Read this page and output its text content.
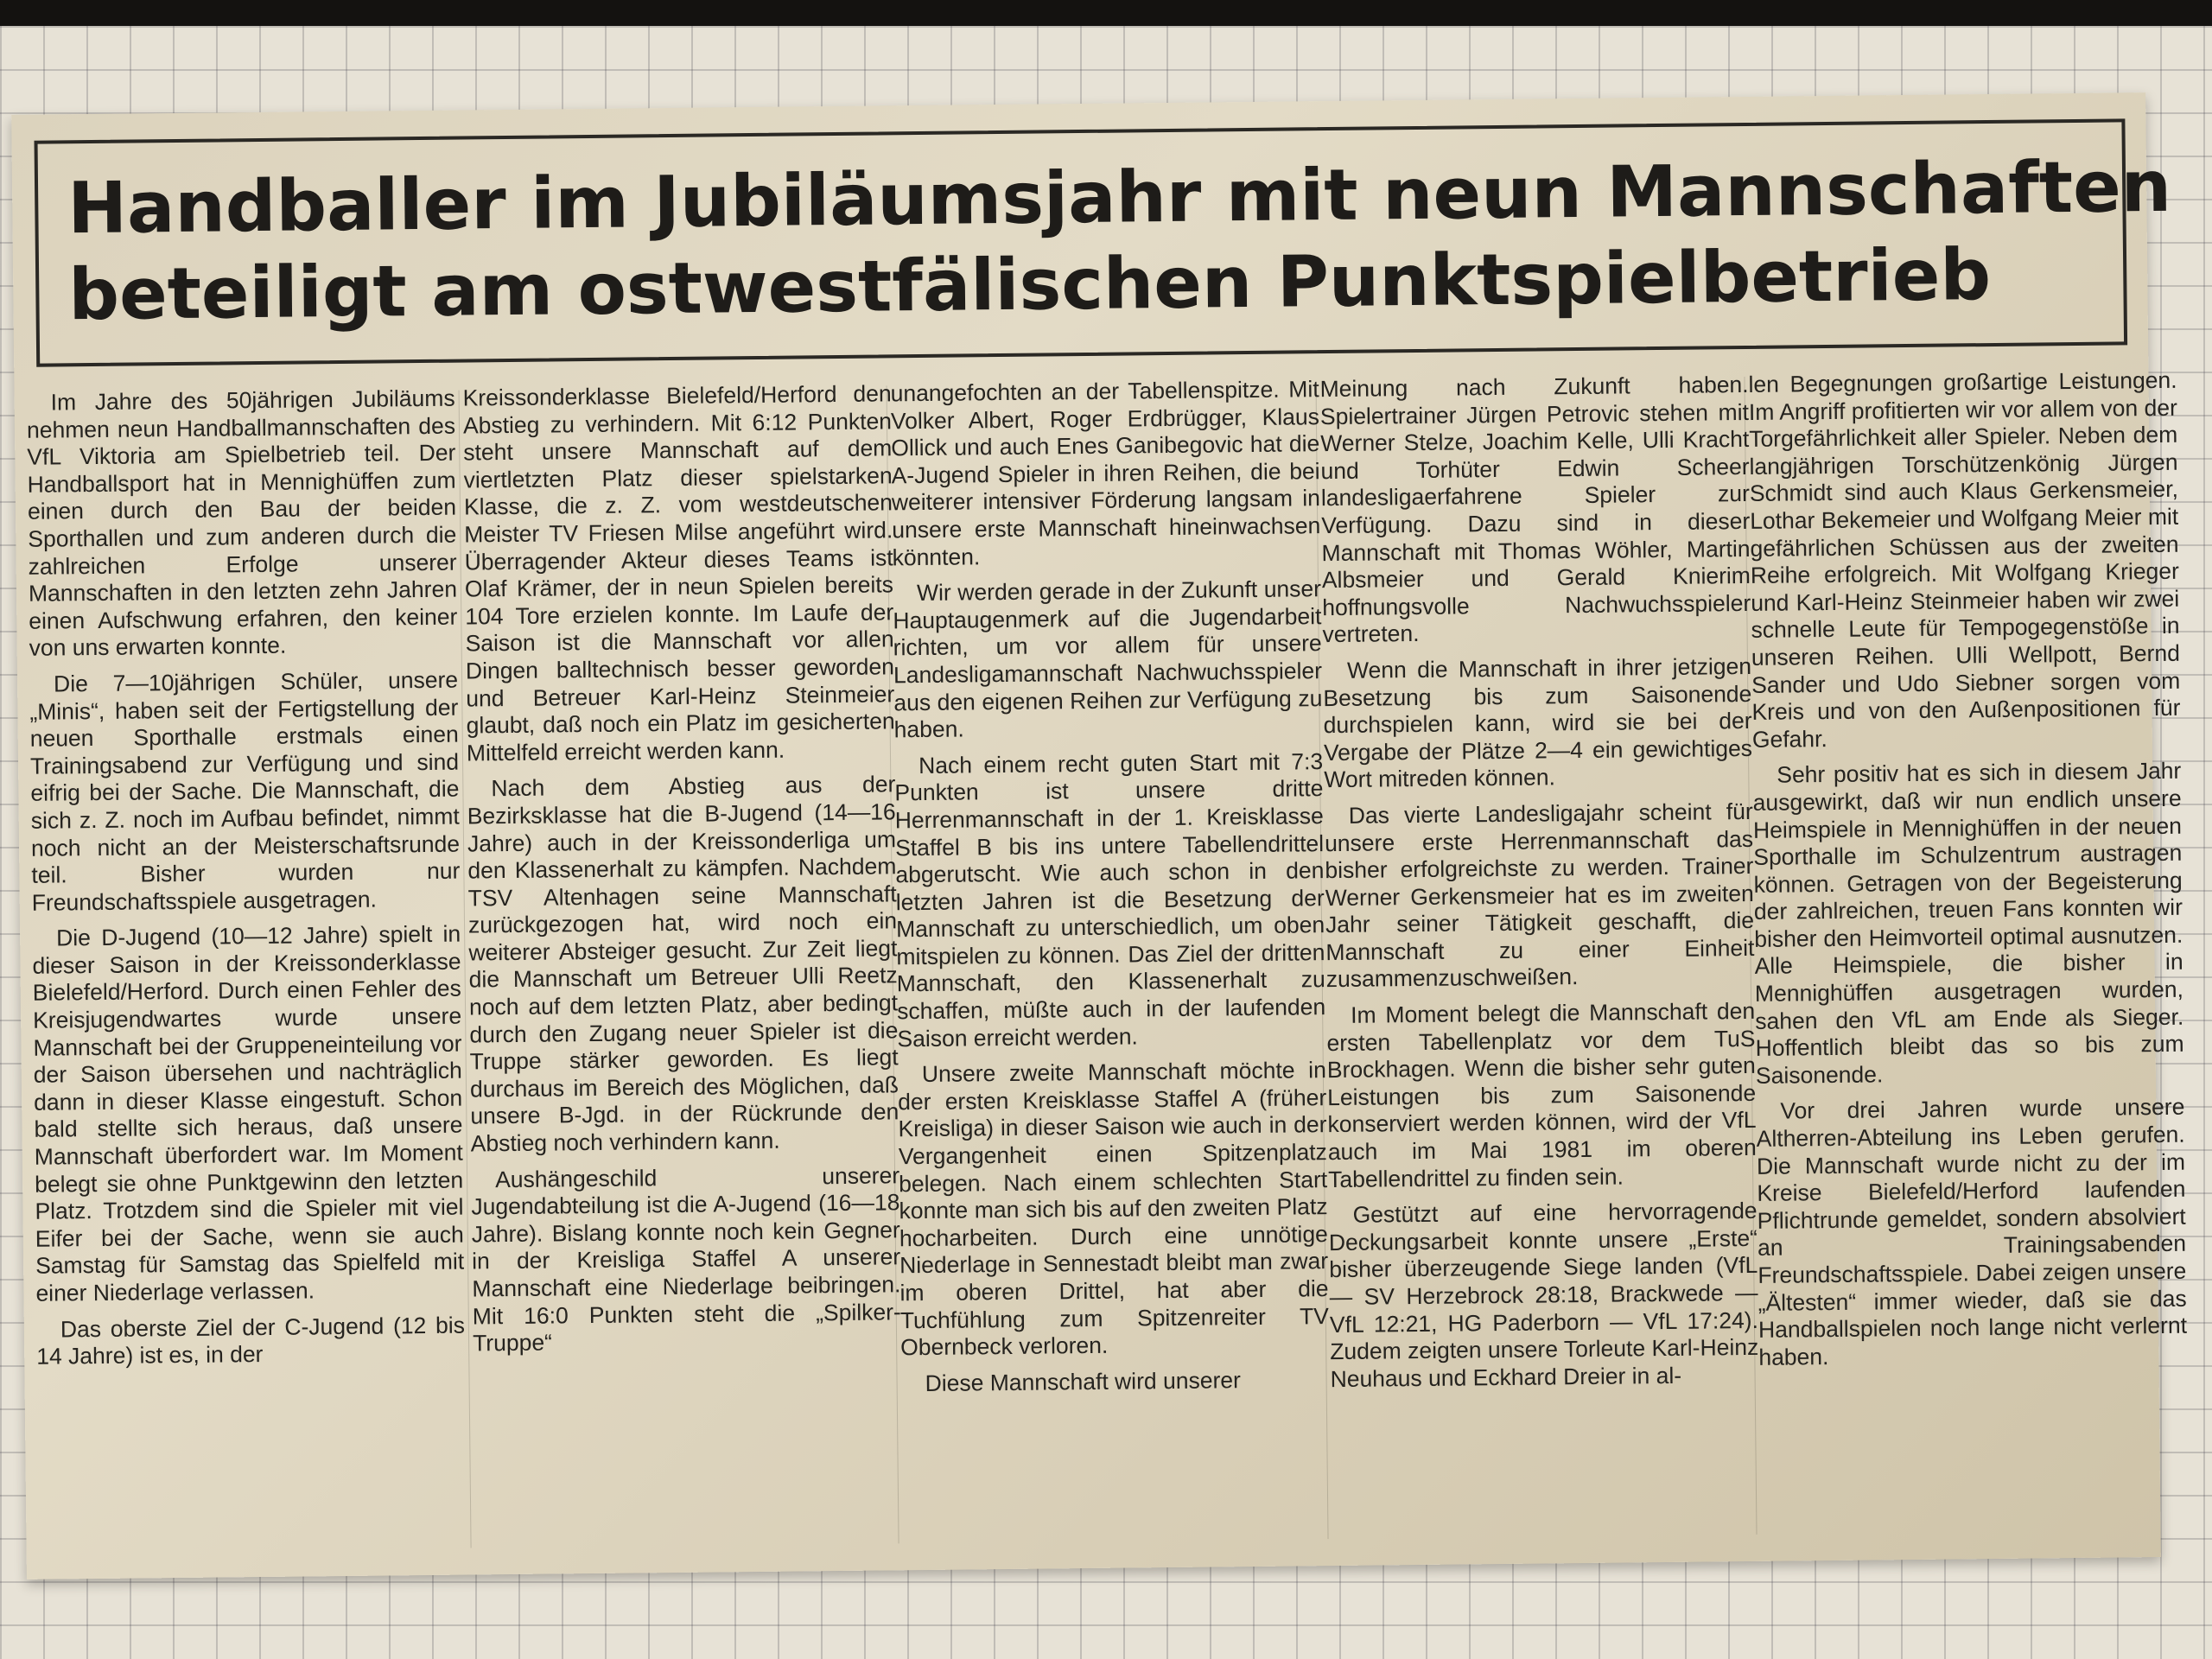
Handballer im Jubiläumsjahr mit neun Mannschaften
beteiligt am ostwestfälischen Punktspielbetrieb

Im Jahre des 50jährigen Jubiläums nehmen neun Handballmannschaften des VfL Viktoria am Spielbetrieb teil. Der Handballsport hat in Mennighüffen zum einen durch den Bau der beiden Sporthallen und zum anderen durch die zahlreichen Erfolge unserer Mannschaften in den letzten zehn Jahren einen Aufschwung erfahren, den keiner von uns erwarten konnte.

Die 7—10jährigen Schüler, unsere „Minis“, haben seit der Fertigstellung der neuen Sporthalle erstmals einen Trainingsabend zur Verfügung und sind eifrig bei der Sache. Die Mannschaft, die sich z. Z. noch im Aufbau befindet, nimmt noch nicht an der Meisterschaftsrunde teil. Bisher wurden nur Freundschaftsspiele ausgetragen.

Die D-Jugend (10—12 Jahre) spielt in dieser Saison in der Kreissonderklasse Bielefeld/Herford. Durch einen Fehler des Kreisjugendwartes wurde unsere Mannschaft bei der Gruppeneinteilung vor der Saison übersehen und nachträglich dann in dieser Klasse eingestuft. Schon bald stellte sich heraus, daß unsere Mannschaft überfordert war. Im Moment belegt sie ohne Punktgewinn den letzten Platz. Trotzdem sind die Spieler mit viel Eifer bei der Sache, wenn sie auch Samstag für Samstag das Spielfeld mit einer Niederlage verlassen.

Das oberste Ziel der C-Jugend (12 bis 14 Jahre) ist es, in der

Kreissonderklasse Bielefeld/Herford den Abstieg zu verhindern. Mit 6:12 Punkten steht unsere Mannschaft auf dem viertletzten Platz dieser spielstarken Klasse, die z. Z. vom westdeutschen Meister TV Friesen Milse angeführt wird. Überragender Akteur dieses Teams ist Olaf Krämer, der in neun Spielen bereits 104 Tore erzielen konnte. Im Laufe der Saison ist die Mannschaft vor allen Dingen balltechnisch besser geworden und Betreuer Karl-Heinz Steinmeier glaubt, daß noch ein Platz im gesicherten Mittelfeld erreicht werden kann.

Nach dem Abstieg aus der Bezirksklasse hat die B-Jugend (14—16 Jahre) auch in der Kreissonderliga um den Klassenerhalt zu kämpfen. Nachdem TSV Altenhagen seine Mannschaft zurückgezogen hat, wird noch ein weiterer Absteiger gesucht. Zur Zeit liegt die Mannschaft um Betreuer Ulli Reetz noch auf dem letzten Platz, aber bedingt durch den Zugang neuer Spieler ist die Truppe stärker geworden. Es liegt durchaus im Bereich des Möglichen, daß unsere B-Jgd. in der Rückrunde den Abstieg noch verhindern kann.

Aushängeschild unserer Jugendabteilung ist die A-Jugend (16—18 Jahre). Bislang konnte noch kein Gegner in der Kreisliga Staffel A unserer Mannschaft eine Niederlage beibringen. Mit 16:0 Punkten steht die „Spilker-Truppe“

unangefochten an der Tabellenspitze. Mit Volker Albert, Roger Erdbrügger, Klaus Ollick und auch Enes Ganibegovic hat die A-Jugend Spieler in ihren Reihen, die bei weiterer intensiver Förderung langsam in unsere erste Mannschaft hineinwachsen könnten.

Wir werden gerade in der Zukunft unser Hauptaugenmerk auf die Jugendarbeit richten, um vor allem für unsere Landesligamannschaft Nachwuchsspieler aus den eigenen Reihen zur Verfügung zu haben.

Nach einem recht guten Start mit 7:3 Punkten ist unsere dritte Herrenmannschaft in der 1. Kreisklasse Staffel B bis ins untere Tabellendrittel abgerutscht. Wie auch schon in den letzten Jahren ist die Besetzung der Mannschaft zu unterschiedlich, um oben mitspielen zu können. Das Ziel der dritten Mannschaft, den Klassenerhalt zu schaffen, müßte auch in der laufenden Saison erreicht werden.

Unsere zweite Mannschaft möchte in der ersten Kreisklasse Staffel A (früher Kreisliga) in dieser Saison wie auch in der Vergangenheit einen Spitzenplatz belegen. Nach einem schlechten Start konnte man sich bis auf den zweiten Platz hocharbeiten. Durch eine unnötige Niederlage in Sennestadt bleibt man zwar im oberen Drittel, hat aber die Tuchfühlung zum Spitzenreiter TV Obernbeck verloren.

Diese Mannschaft wird unserer

Meinung nach Zukunft haben. Spielertrainer Jürgen Petrovic stehen mit Werner Stelze, Joachim Kelle, Ulli Kracht und Torhüter Edwin Scheer landesligaerfahrene Spieler zur Verfügung. Dazu sind in dieser Mannschaft mit Thomas Wöhler, Martin Albsmeier und Gerald Knierim hoffnungsvolle Nachwuchsspieler vertreten.

Wenn die Mannschaft in ihrer jetzigen Besetzung bis zum Saisonende durchspielen kann, wird sie bei der Vergabe der Plätze 2—4 ein gewichtiges Wort mitreden können.

Das vierte Landesligajahr scheint für unsere erste Herrenmannschaft das bisher erfolgreichste zu werden. Trainer Werner Gerkensmeier hat es im zweiten Jahr seiner Tätigkeit geschafft, die Mannschaft zu einer Einheit zusammenzuschweißen.

Im Moment belegt die Mannschaft den ersten Tabellenplatz vor dem TuS Brockhagen. Wenn die bisher sehr guten Leistungen bis zum Saisonende konserviert werden können, wird der VfL auch im Mai 1981 im oberen Tabellendrittel zu finden sein.

Gestützt auf eine hervorragende Deckungsarbeit konnte unsere „Erste“ bisher überzeugende Siege landen (VfL — SV Herzebrock 28:18, Brackwede — VfL 12:21, HG Paderborn — VfL 17:24). Zudem zeigten unsere Torleute Karl-Heinz Neuhaus und Eckhard Dreier in al-

len Begegnungen großartige Leistungen. Im Angriff profitierten wir vor allem von der Torgefährlichkeit aller Spieler. Neben dem langjährigen Torschützenkönig Jürgen Schmidt sind auch Klaus Gerkensmeier, Lothar Bekemeier und Wolfgang Meier mit gefährlichen Schüssen aus der zweiten Reihe erfolgreich. Mit Wolfgang Krieger und Karl-Heinz Steinmeier haben wir zwei schnelle Leute für Tempogegenstöße in unseren Reihen. Ulli Wellpott, Bernd Sander und Udo Siebner sorgen vom Kreis und von den Außenpositionen für Gefahr.

Sehr positiv hat es sich in diesem Jahr ausgewirkt, daß wir nun endlich unsere Heimspiele in Mennighüffen in der neuen Sporthalle im Schulzentrum austragen können. Getragen von der Begeisterung der zahlreichen, treuen Fans konnten wir bisher den Heimvorteil optimal ausnutzen. Alle Heimspiele, die bisher in Mennighüffen ausgetragen wurden, sahen den VfL am Ende als Sieger. Hoffentlich bleibt das so bis zum Saisonende.

Vor drei Jahren wurde unsere Altherren-Abteilung ins Leben gerufen. Die Mannschaft wurde nicht zu der im Kreise Bielefeld/Herford laufenden Pflichtrunde gemeldet, sondern absolviert an Trainingsabenden Freundschaftsspiele. Dabei zeigen unsere „Ältesten“ immer wieder, daß sie das Handballspielen noch lange nicht verlernt haben.
